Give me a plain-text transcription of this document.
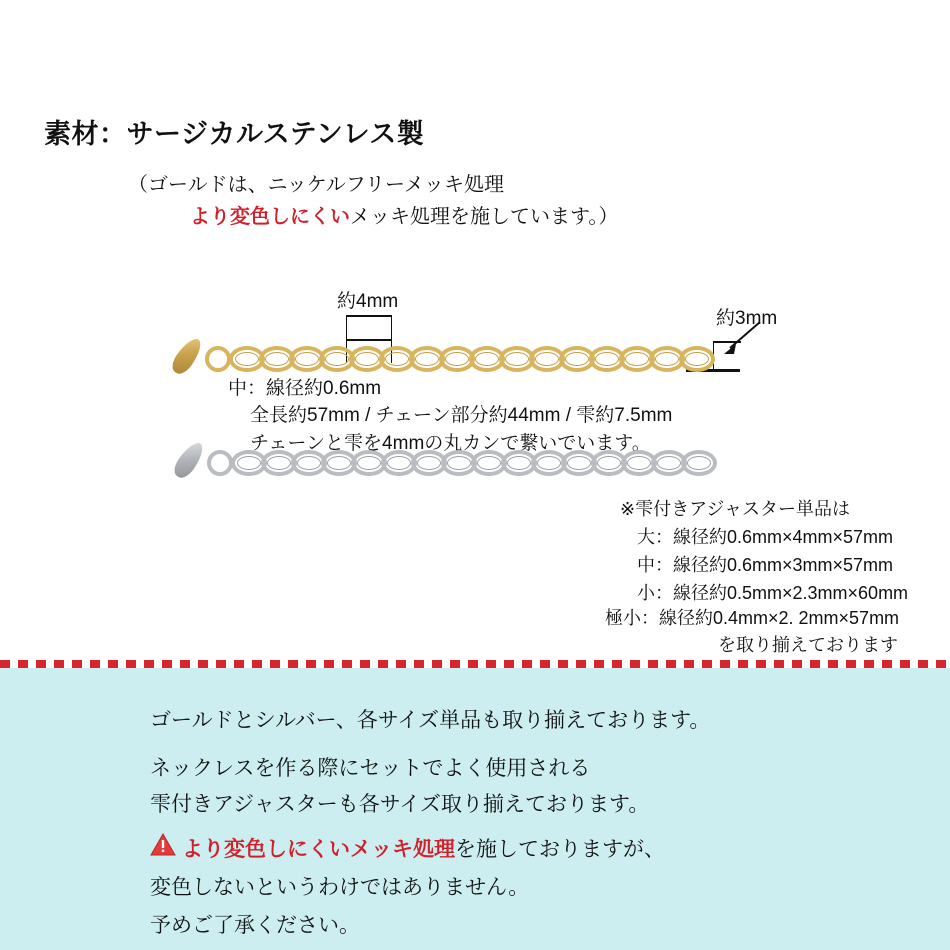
素材：サージカルステンレス製
（ゴールドは、ニッケルフリーメッキ処理
より変色しにくいメッキ処理を施しています。）
約4mm
約3mm
中：線径約0.6mm
全長約57mm / チェーン部分約44mm / 雫約7.5mm
チェーンと雫を4mmの丸カンで繋いでいます。
※雫付きアジャスター単品は
大：線径約0.6mm×4mm×57mm
中：線径約0.6mm×3mm×57mm
小：線径約0.5mm×2.3mm×60mm
極小：線径約0.4mm×2. 2mm×57mm
を取り揃えております
ゴールドとシルバー、各サイズ単品も取り揃えております。
ネックレスを作る際にセットでよく使用される
雫付きアジャスターも各サイズ取り揃えております。
より変色しにくいメッキ処理を施しておりますが、
変色しないというわけではありません。
予めご了承ください。
